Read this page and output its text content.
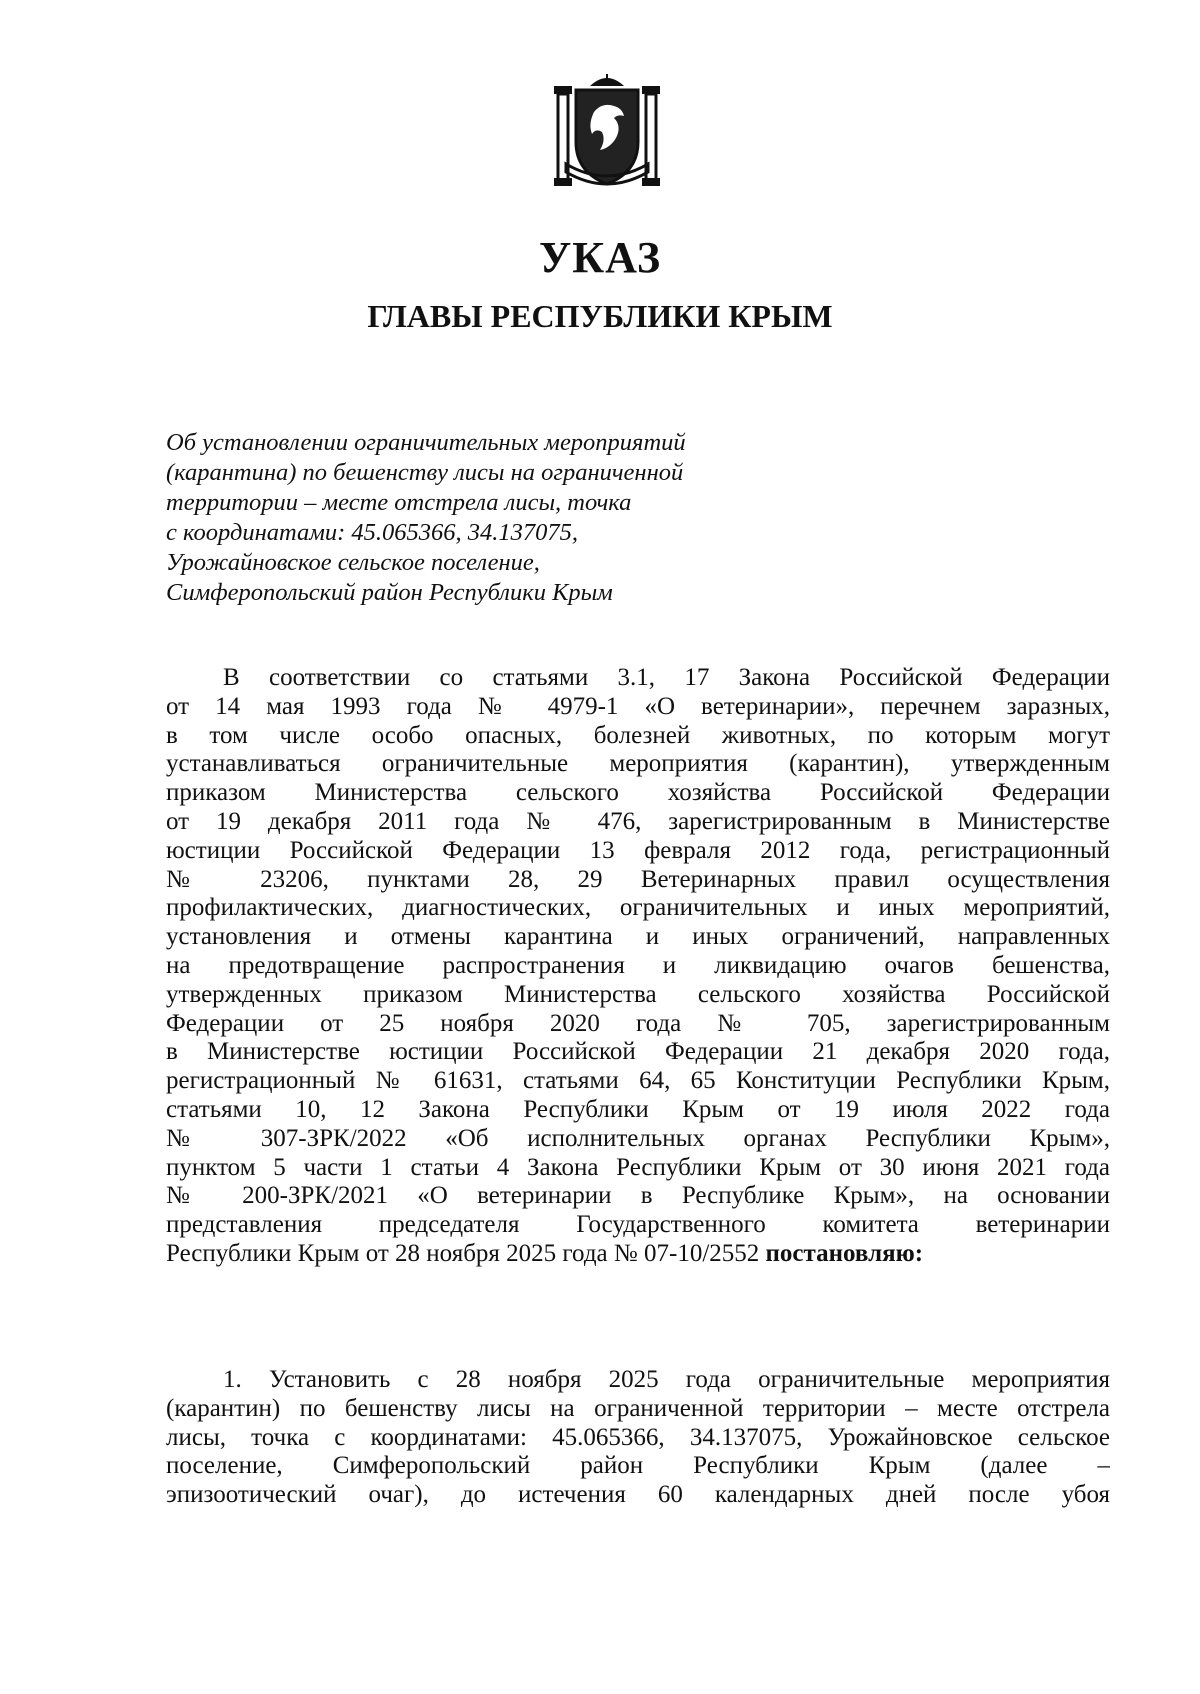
УКАЗ
ГЛАВЫ РЕСПУБЛИКИ КРЫМ
Об установлении ограничительных мероприятий
(карантина) по бешенству лисы на ограниченной
территории – месте отстрела лисы, точка
с координатами: 45.065366, 34.137075,
Урожайновское сельское поселение,
Симферопольский район Республики Крым
В соответствии со статьями 3.1, 17 Закона Российской Федерации
от 14 мая 1993 года № 4979-1 «О ветеринарии», перечнем заразных,
в том числе особо опасных, болезней животных, по которым могут
устанавливаться ограничительные мероприятия (карантин), утвержденным
приказом Министерства сельского хозяйства Российской Федерации
от 19 декабря 2011 года № 476, зарегистрированным в Министерстве
юстиции Российской Федерации 13 февраля 2012 года, регистрационный
№ 23206, пунктами 28, 29 Ветеринарных правил осуществления
профилактических, диагностических, ограничительных и иных мероприятий,
установления и отмены карантина и иных ограничений, направленных
на предотвращение распространения и ликвидацию очагов бешенства,
утвержденных приказом Министерства сельского хозяйства Российской
Федерации от 25 ноября 2020 года № 705, зарегистрированным
в Министерстве юстиции Российской Федерации 21 декабря 2020 года,
регистрационный № 61631, статьями 64, 65 Конституции Республики Крым,
статьями 10, 12 Закона Республики Крым от 19 июля 2022 года
№ 307-ЗРК/2022 «Об исполнительных органах Республики Крым»,
пунктом 5 части 1 статьи 4 Закона Республики Крым от 30 июня 2021 года
№ 200-ЗРК/2021 «О ветеринарии в Республике Крым», на основании
представления председателя Государственного комитета ветеринарии
Республики Крым от 28 ноября 2025 года № 07-10/2552 постановляю:
1. Установить с 28 ноября 2025 года ограничительные мероприятия
(карантин) по бешенству лисы на ограниченной территории – месте отстрела
лисы, точка с координатами: 45.065366, 34.137075, Урожайновское сельское
поселение, Симферопольский район Республики Крым (далее –
эпизоотический очаг), до истечения 60 календарных дней после убоя
